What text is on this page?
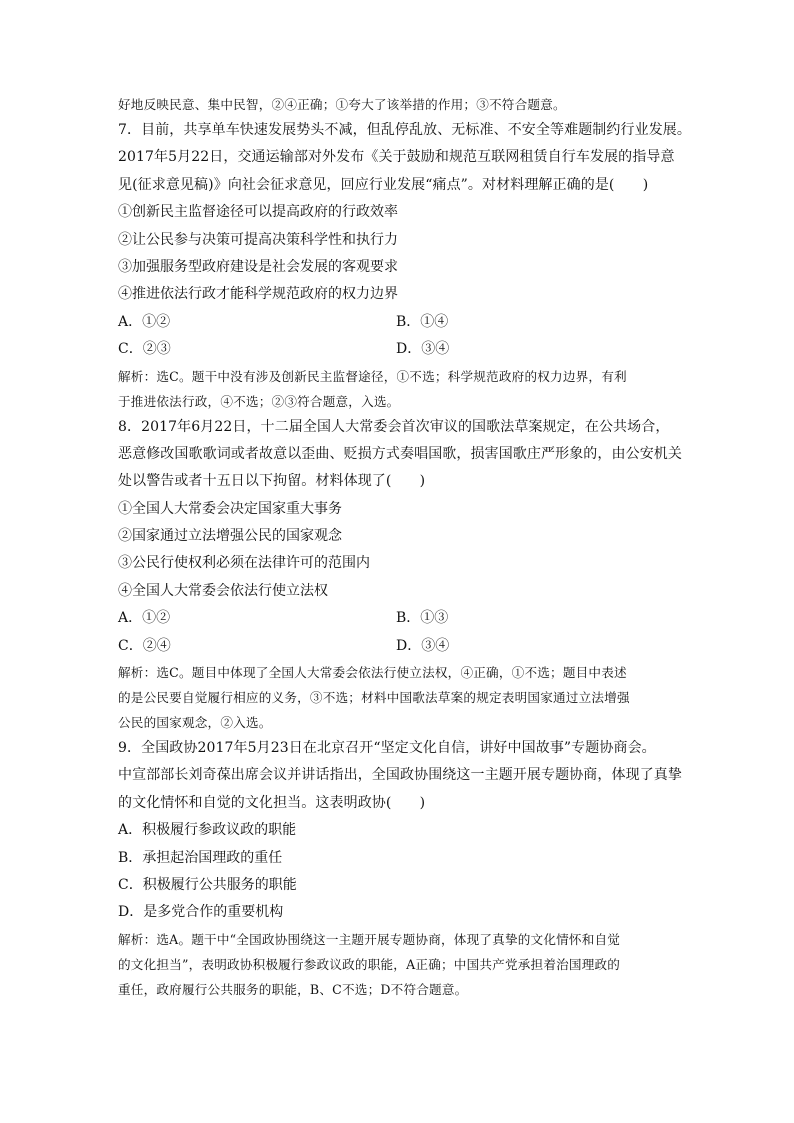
好地反映民意、集中民智，②④正确；①夸大了该举措的作用；③不符合题意。
7．目前，共享单车快速发展势头不减，但乱停乱放、无标准、不安全等难题制约行业发展。
2017年5月22日，交通运输部对外发布《关于鼓励和规范互联网租赁自行车发展的指导意
见(征求意见稿)》向社会征求意见，回应行业发展“痛点”。对材料理解正确的是(　　)
①创新民主监督途径可以提高政府的行政效率
②让公民参与决策可提高决策科学性和执行力
③加强服务型政府建设是社会发展的客观要求
④推进依法行政才能科学规范政府的权力边界
A．①②	B．①④
C．②③	D．③④
解析：选C。题干中没有涉及创新民主监督途径，①不选；科学规范政府的权力边界，有利
于推进依法行政，④不选；②③符合题意，入选。
8．2017年6月22日，十二届全国人大常委会首次审议的国歌法草案规定，在公共场合，
恶意修改国歌歌词或者故意以歪曲、贬损方式奏唱国歌，损害国歌庄严形象的，由公安机关
处以警告或者十五日以下拘留。材料体现了(　　)
①全国人大常委会决定国家重大事务
②国家通过立法增强公民的国家观念
③公民行使权利必须在法律许可的范围内
④全国人大常委会依法行使立法权
A．①②	B．①③
C．②④	D．③④
解析：选C。题目中体现了全国人大常委会依法行使立法权，④正确，①不选；题目中表述
的是公民要自觉履行相应的义务，③不选；材料中国歌法草案的规定表明国家通过立法增强
公民的国家观念，②入选。
9．全国政协2017年5月23日在北京召开“坚定文化自信，讲好中国故事”专题协商会。
中宣部部长刘奇葆出席会议并讲话指出，全国政协围绕这一主题开展专题协商，体现了真挚
的文化情怀和自觉的文化担当。这表明政协(　　)
A．积极履行参政议政的职能
B．承担起治国理政的重任
C．积极履行公共服务的职能
D．是多党合作的重要机构
解析：选A。题干中“全国政协围绕这一主题开展专题协商，体现了真挚的文化情怀和自觉
的文化担当”，表明政协积极履行参政议政的职能，A正确；中国共产党承担着治国理政的
重任，政府履行公共服务的职能，B、C不选；D不符合题意。
